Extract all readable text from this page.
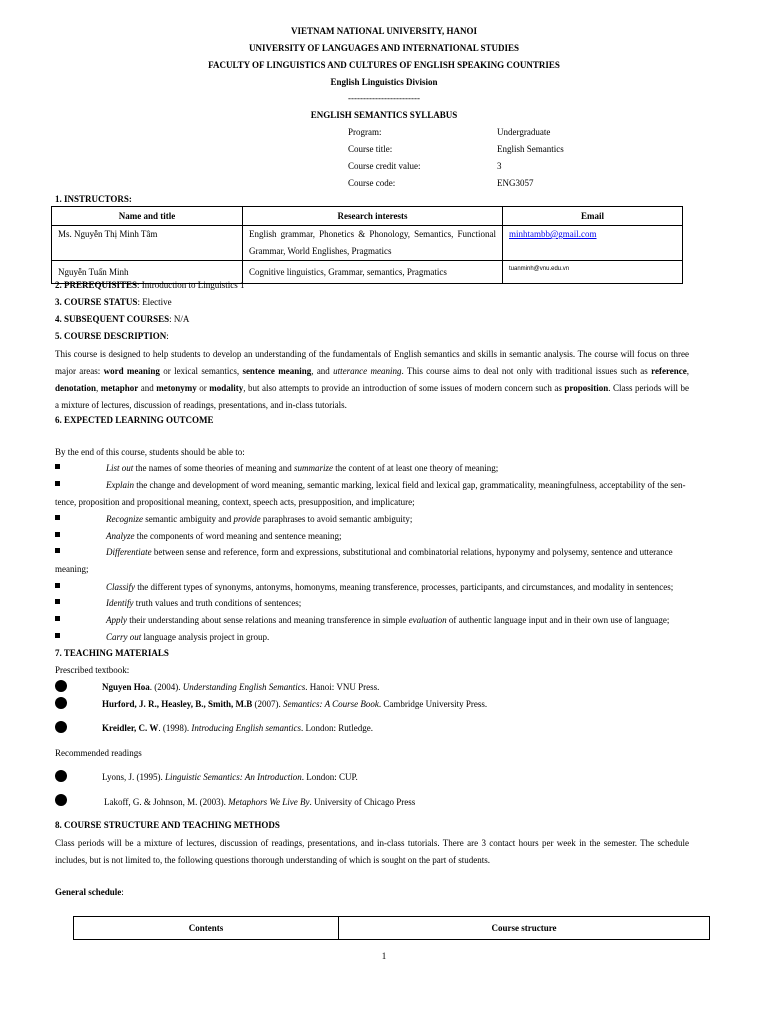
VIETNAM NATIONAL UNIVERSITY, HANOI
UNIVERSITY OF LANGUAGES AND INTERNATIONAL STUDIES
FACULTY OF LINGUISTICS AND CULTURES OF ENGLISH SPEAKING COUNTRIES
English Linguistics Division
------------------------
ENGLISH SEMANTICS SYLLABUS
Program:	Undergraduate
Course title:	English Semantics
Course credit value:	3
Course code:	ENG3057
1. INSTRUCTORS:
Name and title	Research interests	Email
Ms. Nguyễn Thị Minh Tâm	English grammar, Phonetics & Phonology, Semantics, Functional Grammar, World Englishes, Pragmatics	minhtambb@gmail.com
Nguyễn Tuấn Minh	Cognitive linguistics, Grammar, semantics, Pragmatics	tuanminh@vnu.edu.vn
2. PREREQUISITES: Introduction to Linguistics 1
3. COURSE STATUS: Elective
4. SUBSEQUENT COURSES: N/A
5. COURSE DESCRIPTION:
This course is designed to help students to develop an understanding of the fundamentals of English semantics and skills in semantic analysis. The course will focus on three major areas: word meaning or lexical semantics, sentence meaning, and utterance meaning. This course aims to deal not only with traditional issues such as reference, denotation, metaphor and metonymy or modality, but also attempts to provide an introduction of some issues of modern concern such as proposition. Class periods will be a mixture of lectures, discussion of readings, presentations, and in-class tutorials.
6. EXPECTED LEARNING OUTCOME
By the end of this course, students should be able to:
List out the names of some theories of meaning and summarize the content of at least one theory of meaning;
Explain the change and development of word meaning, semantic marking, lexical field and lexical gap, grammaticality, meaningfulness, acceptability of the sen-
tence, proposition and propositional meaning, context, speech acts, presupposition, and implicature;
Recognize semantic ambiguity and provide paraphrases to avoid semantic ambiguity;
Analyze the components of word meaning and sentence meaning;
Differentiate between sense and reference, form and expressions, substitutional and combinatorial relations, hyponymy and polysemy, sentence and utterance
meaning;
Classify the different types of synonyms, antonyms, homonyms, meaning transference, processes, participants, and circumstances, and modality in sentences;
Identify truth values and truth conditions of sentences;
Apply their understanding about sense relations and meaning transference in simple evaluation of authentic language input and in their own use of language;
Carry out language analysis project in group.
7. TEACHING MATERIALS
Prescribed textbook:
Nguyen Hoa. (2004). Understanding English Semantics. Hanoi: VNU Press.
Hurford, J. R., Heasley, B., Smith, M.B (2007). Semantics: A Course Book. Cambridge University Press.
Kreidler, C. W. (1998). Introducing English semantics. London: Rutledge.
Recommended readings
Lyons, J. (1995). Linguistic Semantics: An Introduction. London: CUP.
Lakoff, G. & Johnson, M. (2003). Metaphors We Live By. University of Chicago Press
8. COURSE STRUCTURE AND TEACHING METHODS
Class periods will be a mixture of lectures, discussion of readings, presentations, and in-class tutorials. There are 3 contact hours per week in the semester. The schedule includes, but is not limited to, the following questions thorough understanding of which is sought on the part of students.
General schedule:
Contents	Course structure
1
